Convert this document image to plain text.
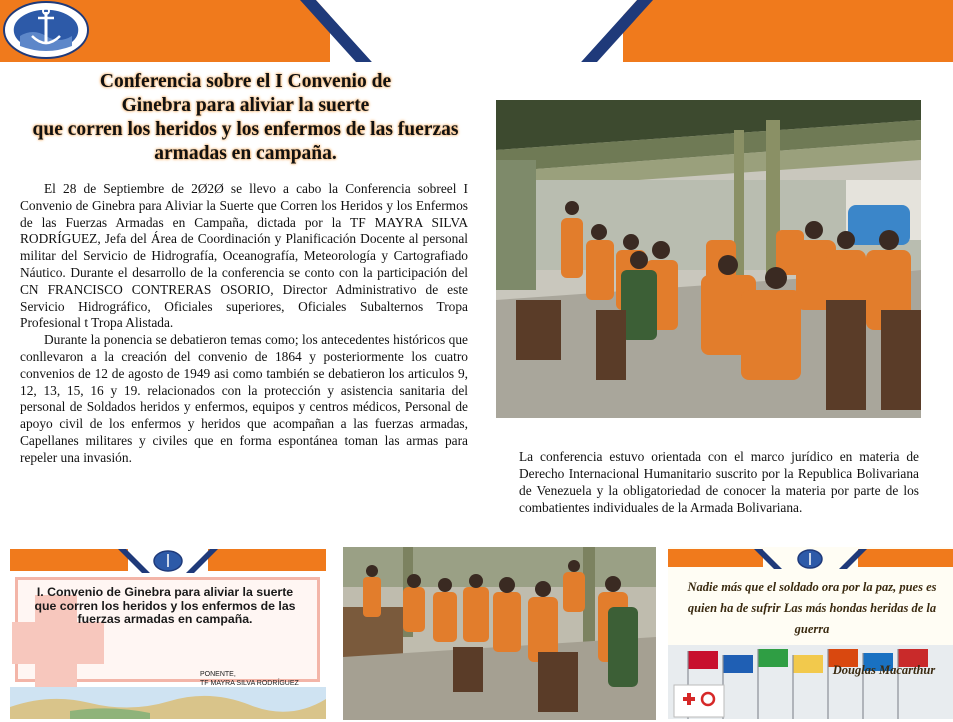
Conferencia sobre el I Convenio de
Ginebra para aliviar la suerte
que corren los heridos y los enfermos de las fuerzas
armadas en campaña.

El 28 de Septiembre de 2Ø2Ø se llevo a cabo la Conferencia sobreel I Convenio de Ginebra para Aliviar la Suerte que Corren los Heridos y los Enfermos de las Fuerzas Armadas en Campaña, dictada por la TF MAYRA SILVA RODRÍGUEZ, Jefa del Área de Coordinación y Planificación Docente al personal militar del Servicio de Hidrografía, Oceanografía, Meteorología y Cartografiado Náutico. Durante el desarrollo de la conferencia se conto con la participación del CN FRANCISCO CONTRERAS OSORIO, Director Administrativo de este Servicio Hidrográfico, Oficiales superiores, Oficiales Subalternos Tropa Profesional t Tropa Alistada.

Durante la ponencia se debatieron temas como; los antecedentes históricos que conllevaron a la creación del convenio de 1864 y posteriormente los cuatro convenios de 12 de agosto de 1949 asi como también se debatieron los articulos 9, 12, 13, 15, 16 y 19. relacionados con la protección y asistencia sanitaria del personal de Soldados heridos y enfermos, equipos y centros médicos, Personal de apoyo civil de los enfermos y heridos que acompañan a las fuerzas armadas, Capellanes militares y civiles que en forma espontánea toman las armas para repeler una invasión.	La conferencia estuvo orientada con el marco jurídico en materia de Derecho Internacional Humanitario suscrito por la Republica Bolivariana de Venezuela y la obligatoriedad de conocer la materia por parte de los combatientes individuales de la Armada Bolivariana.
I. Convenio de Ginebra para aliviar la suerte que corren los heridos y los enfermos de las fuerzas armadas en campaña.
PONENTE,
TF MAYRA SILVA RODRÍGUEZ
Nadie más que el soldado ora por la paz, pues es quien ha de sufrir Las más hondas heridas de la guerra
Douglas Macarthur
